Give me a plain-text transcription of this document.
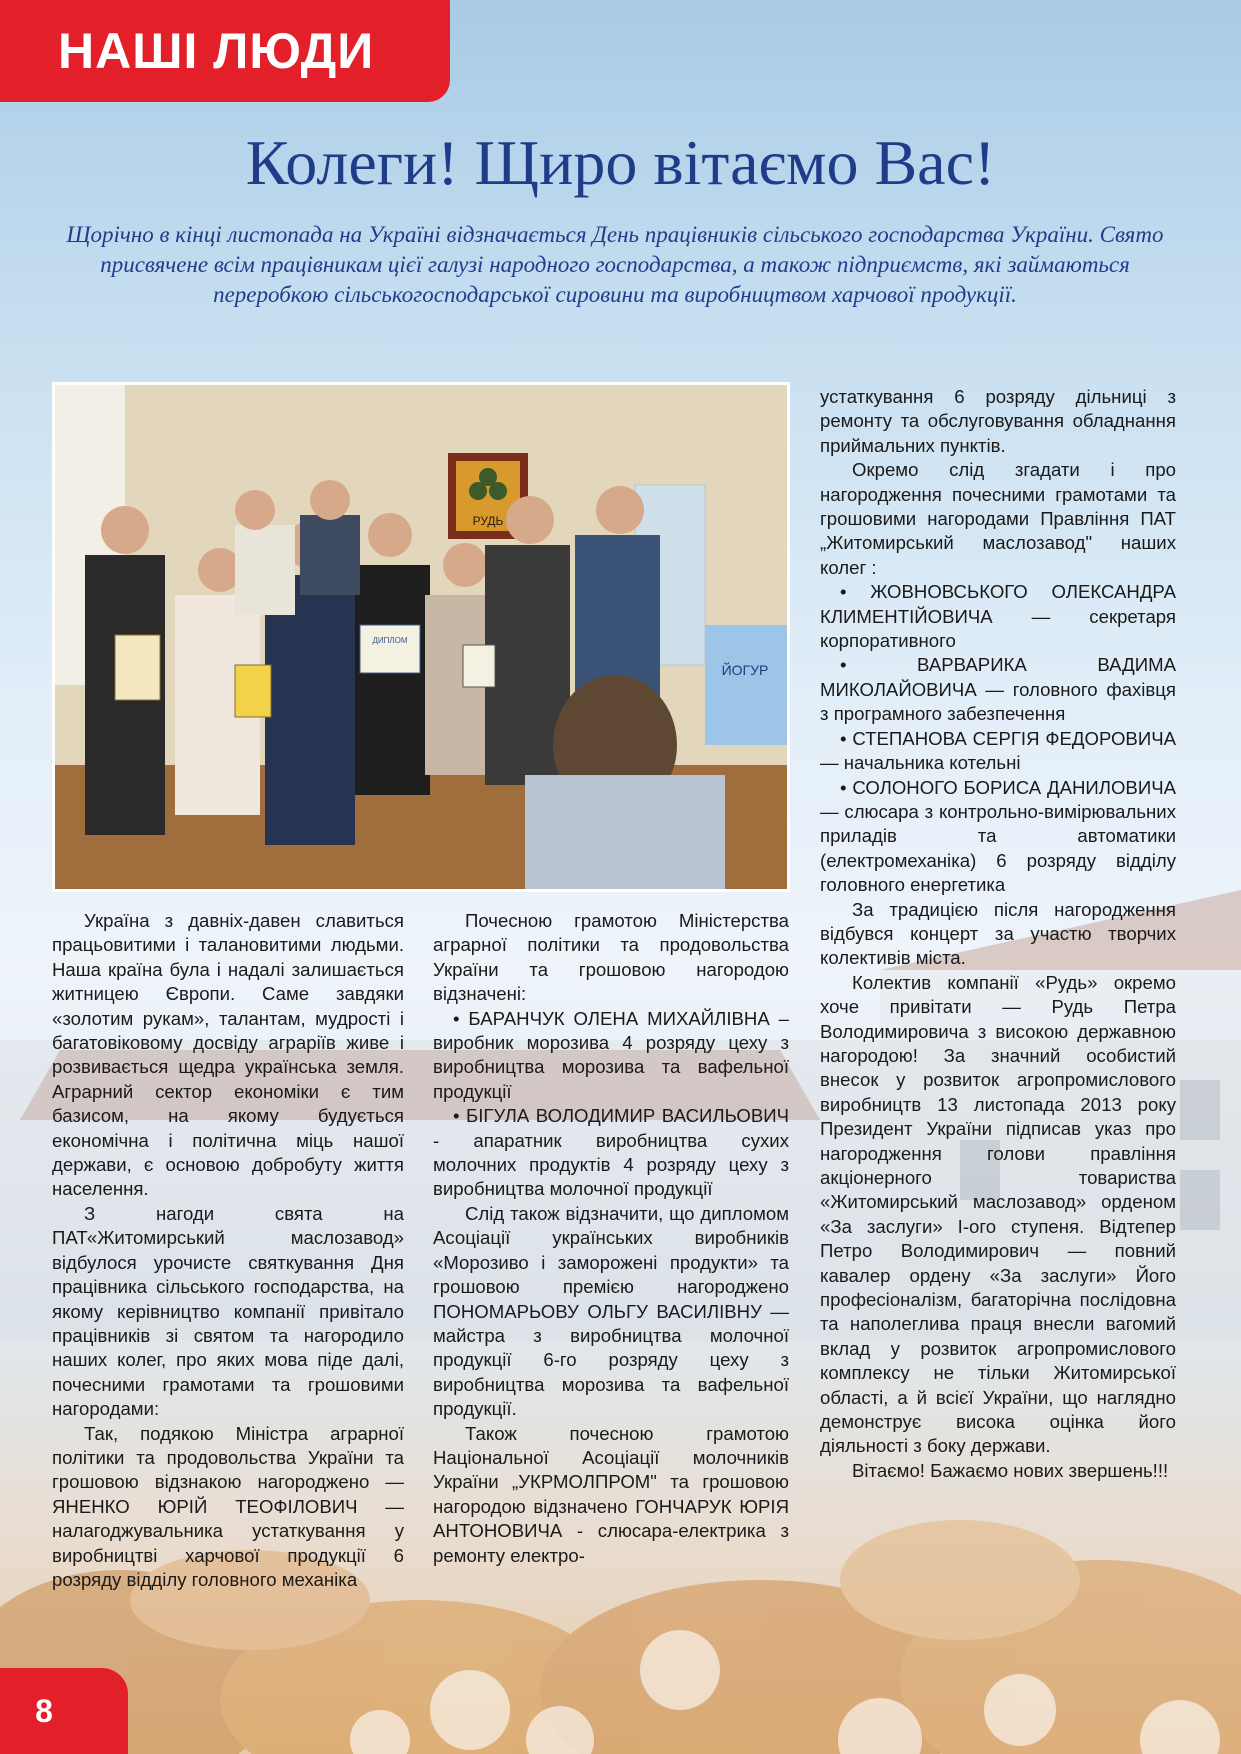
НАШІ ЛЮДИ
Колеги! Щиро вітаємо Вас!

Щорічно в кінці листопада на Україні відзначається День працівників сільського господарства України. Свято присвячене всім працівникам цієї галузі народного господарства, а також підприємств, які займаються переробкою сільськогосподарської сировини та виробництвом харчової продукції.

РУДЬ
ЙОГУР
ДИПЛОМ

Україна з давніх-давен славиться працьовитими і талановитими людьми. Наша країна була і надалі залишається житницею Європи. Саме завдяки «золотим рукам», талантам, мудрості і багатовіковому досвіду аграріїв живе і розвивається щедра українська земля. Аграрний сектор економіки є тим базисом, на якому будується економічна і політична міць нашої держави, є основою добробуту життя населення.

З нагоди свята на ПАТ«Житомирський маслозавод» відбулося урочисте святкування Дня працівника сільського господарства, на якому керівництво компанії привітало працівників зі святом та нагородило наших колег, про яких мова піде далі, почесними грамотами та грошовими нагородами:

Так, подякою Міністра аграрної політики та продовольства України та грошовою відзнакою нагороджено — ЯНЕНКО ЮРІЙ ТЕОФІЛОВИЧ — налагоджувальника устаткування у виробництві харчової продукції 6 розряду відділу головного механіка

Почесною грамотою Міністерства аграрної політики та продовольства України та грошовою нагородою відзначені:

• БАРАНЧУК ОЛЕНА МИХАЙЛІВНА – виробник морозива 4 розряду цеху з виробництва морозива та вафельної продукції

• БІГУЛА ВОЛОДИМИР ВАСИЛЬОВИЧ - апаратник виробництва сухих молочних продуктів 4 розряду цеху з виробництва молочної продукції

Слід також відзначити, що дипломом Асоціації українських виробників «Морозиво і заморожені продукти» та грошовою премією нагороджено ПОНОМАРЬОВУ ОЛЬГУ ВАСИЛІВНУ — майстра з виробництва молочної продукції 6-го розряду цеху з виробництва морозива та вафельної продукції.

Також почесною грамотою Національної Асоціації молочників України „УКРМОЛПРОМ" та грошовою нагородою відзначено ГОНЧАРУК ЮРІЯ АНТОНОВИЧА - слюсара-електрика з ремонту електро-

устаткування 6 розряду дільниці з ремонту та обслуговування обладнання приймальних пунктів.

Окремо слід згадати і про нагородження почесними грамотами та грошовими нагородами Правління ПАТ „Житомирський маслозавод" наших колег :

• ЖОВНОВСЬКОГО ОЛЕКСАНДРА КЛИМЕНТІЙОВИЧА — секретаря корпоративного

• ВАРВАРИКА ВАДИМА МИКОЛАЙОВИЧА — головного фахівця з програмного забезпечення

• СТЕПАНОВА СЕРГІЯ ФЕДОРОВИЧА — начальника котельні

• СОЛОНОГО БОРИСА ДАНИЛОВИЧА — слюсара з контрольно-вимірювальних приладів та автоматики (електромеханіка) 6 розряду відділу головного енергетика

За традицією після нагородження відбувся концерт за участю творчих колективів міста.

Колектив компанії «Рудь» окремо хоче привітати — Рудь Петра Володимировича з високою державною нагородою! За значний особистий внесок у розвиток агропромислового виробництв 13 листопада 2013 року Президент України підписав указ про нагородження голови правління акціонерного товариства «Житомирський маслозавод» орденом «За заслуги» I-ого ступеня. Відтепер Петро Володимирович — повний кавалер ордену «За заслуги» Його професіоналізм, багаторічна послідовна та наполеглива праця внесли вагомий вклад у розвиток агропромислового комплексу не тільки Житомирської області, а й всієї України, що наглядно демонструє висока оцінка його діяльності з боку держави.

Вітаємо! Бажаємо нових звершень!!!

8
